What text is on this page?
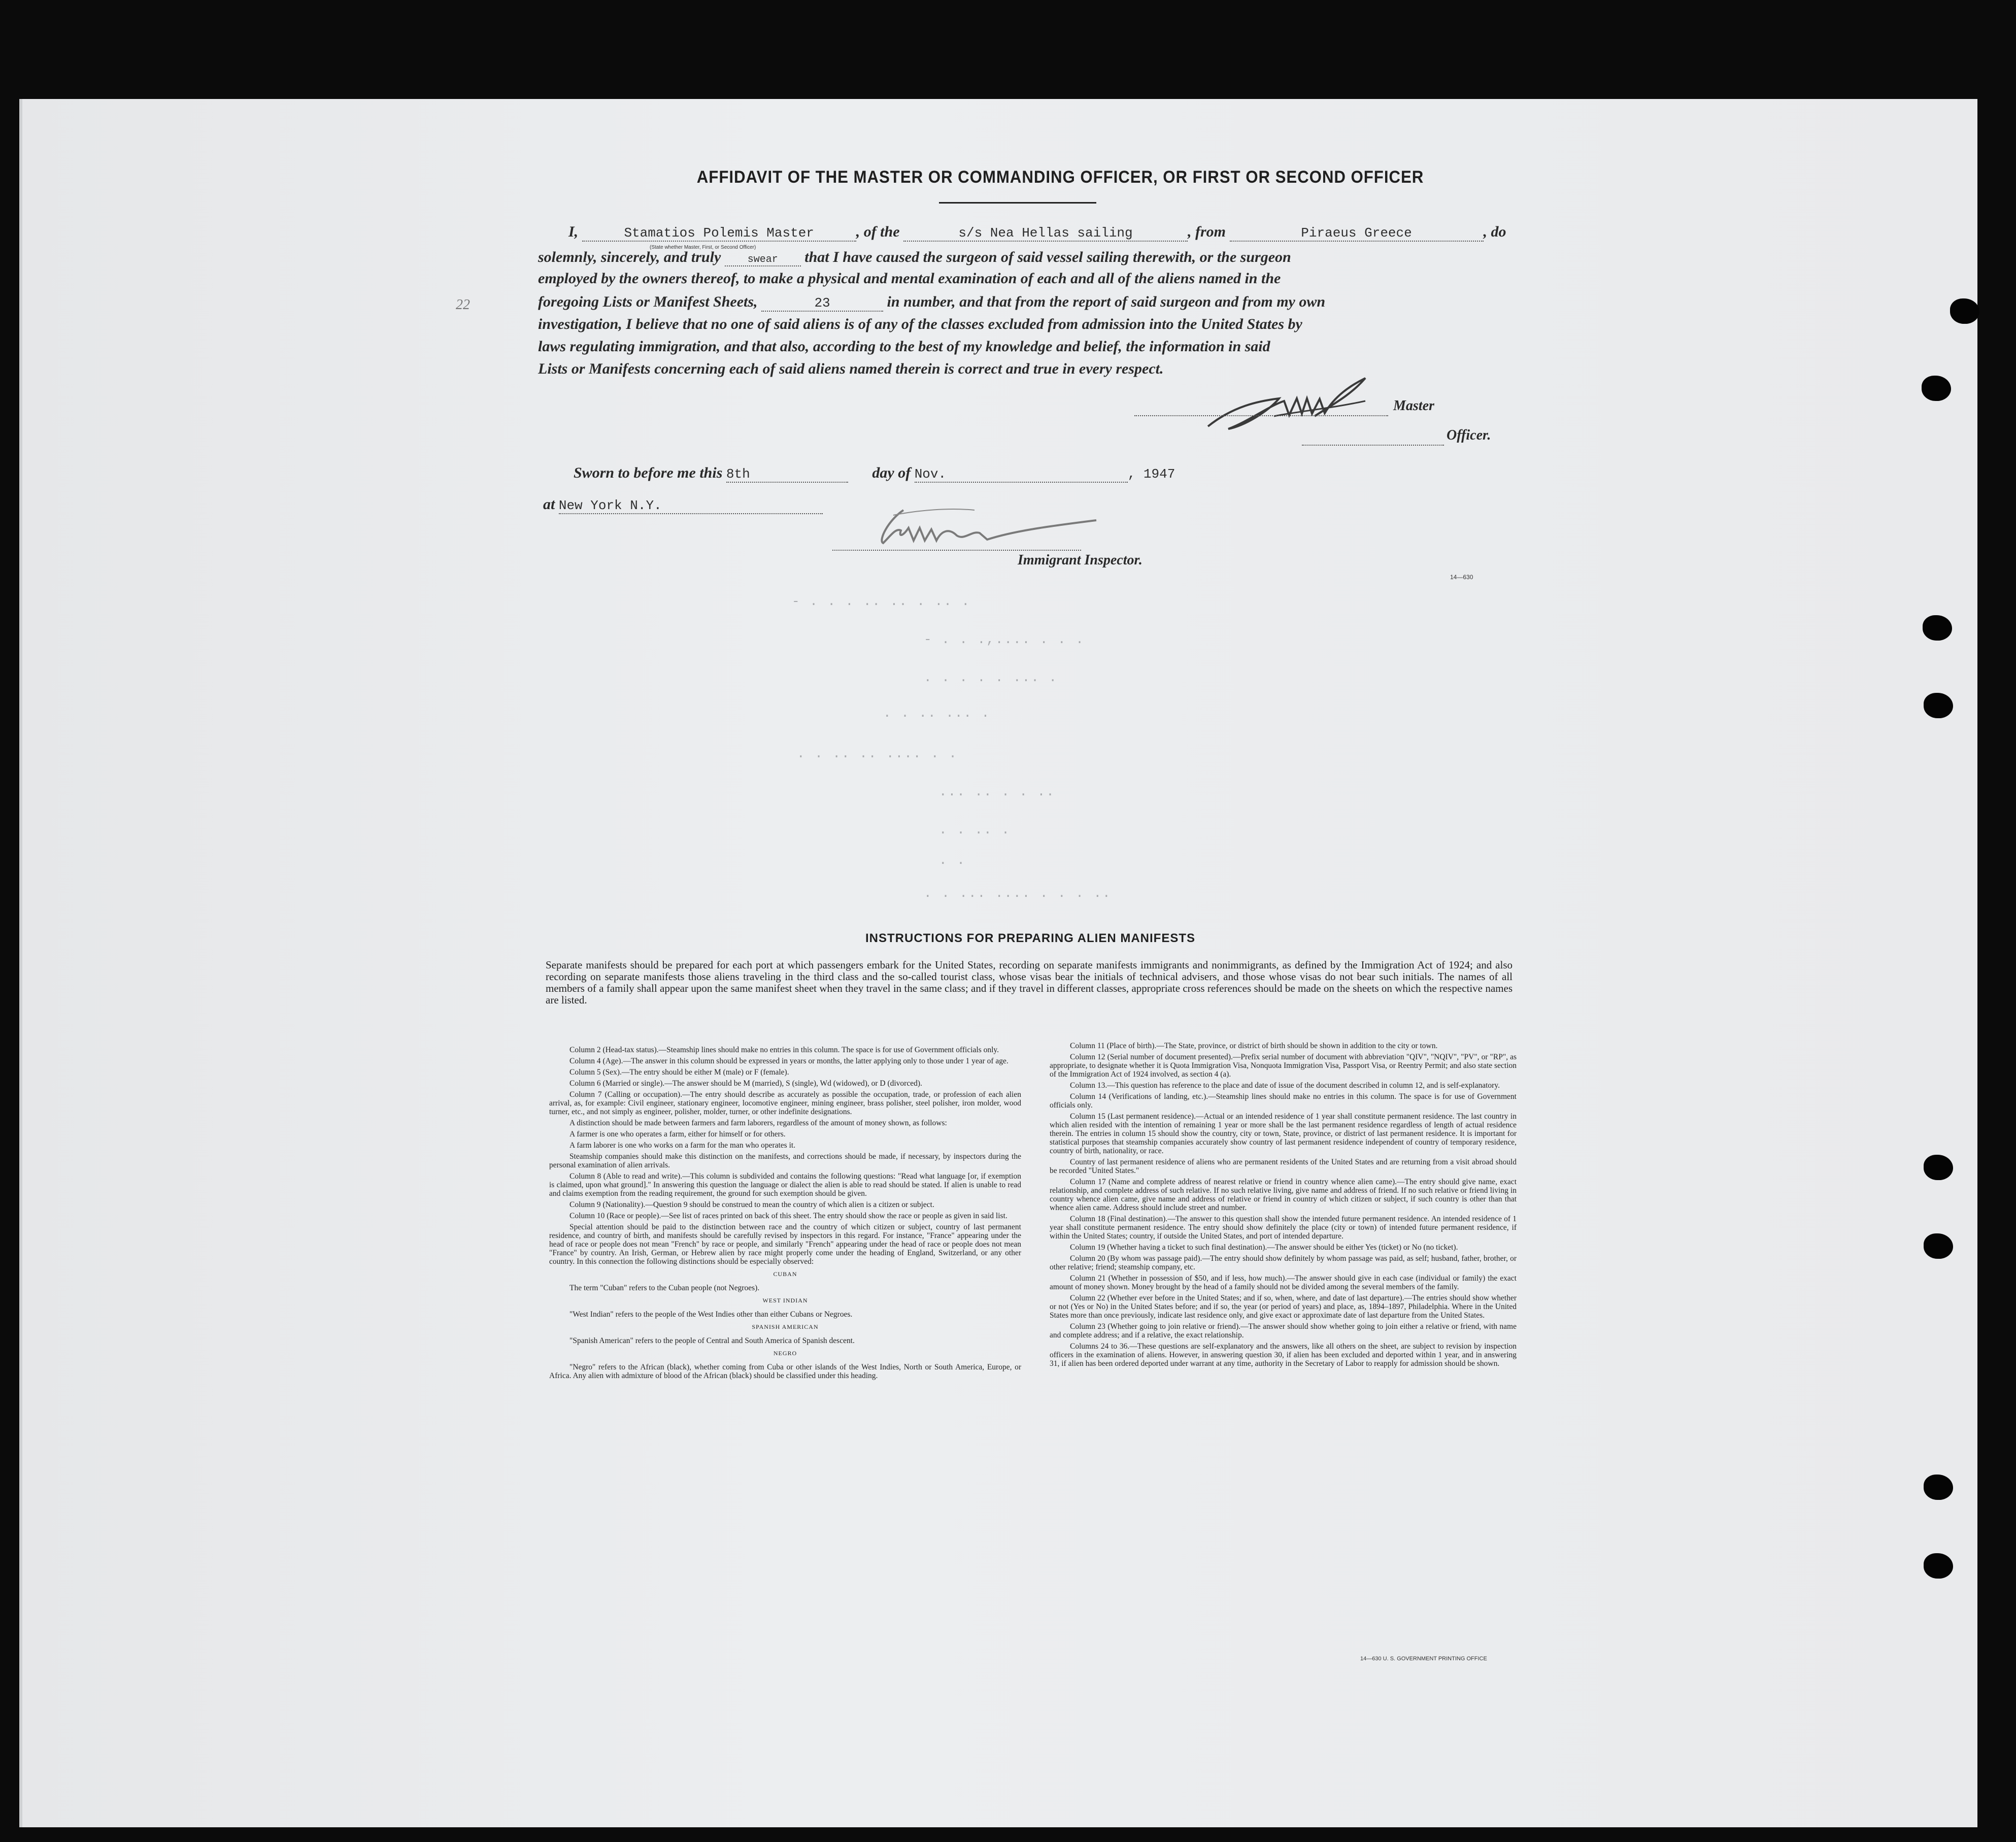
AFFIDAVIT OF THE MASTER OR COMMANDING OFFICER, OR FIRST OR SECOND OFFICER
22
I,	Stamatios Polemis Master	, of the	s/s Nea Hellas sailing	, from	Piraeus Greece	, do
(State whether Master, First, or Second Officer)
solemnly, sincerely, and truly	swear that I have caused the surgeon of said vessel sailing therewith, or the surgeon
employed by the owners thereof, to make a physical and mental examination of each and all of the aliens named in the
foregoing Lists or Manifest Sheets,	23	in number, and that from the report of said surgeon and from my own
investigation, I believe that no one of said aliens is of any of the classes excluded from admission into the United States by
laws regulating immigration, and that also, according to the best of my knowledge and belief, the information in said
Lists or Manifests concerning each of said aliens named therein is correct and true in every respect.
Master
Officer.
Sworn to before me this 8th	day of Nov.	, 1947
at New York N.Y.
Immigrant Inspector.
14—630
- . . . .. .. . .. .
- . . .,.... . . .
. . . . . ... .
. . .. ... .
. . .. .. .... . .
... .. . . ..
. . .. .
. .
. . ... .... . . . ..
INSTRUCTIONS FOR PREPARING ALIEN MANIFESTS
Separate manifests should be prepared for each port at which passengers embark for the United States, recording on separate manifests immigrants and nonimmigrants, as defined by the Immigration Act of 1924; and also recording on separate manifests those aliens traveling in the third class and the so-called tourist class, whose visas bear the initials of technical advisers, and those whose visas do not bear such initials. The names of all members of a family shall appear upon the same manifest sheet when they travel in the same class; and if they travel in different classes, appropriate cross references should be made on the sheets on which the respective names are listed.

Column 2 (Head-tax status).—Steamship lines should make no entries in this column. The space is for use of Government officials only.

Column 4 (Age).—The answer in this column should be expressed in years or months, the latter applying only to those under 1 year of age.

Column 5 (Sex).—The entry should be either M (male) or F (female).

Column 6 (Married or single).—The answer should be M (married), S (single), Wd (widowed), or D (divorced).

Column 7 (Calling or occupation).—The entry should describe as accurately as possible the occupation, trade, or profession of each alien arrival, as, for example: Civil engineer, stationary engineer, locomotive engineer, mining engineer, brass polisher, steel polisher, iron molder, wood turner, etc., and not simply as engineer, polisher, molder, turner, or other indefinite designations.

A distinction should be made between farmers and farm laborers, regardless of the amount of money shown, as follows:

A farmer is one who operates a farm, either for himself or for others.

A farm laborer is one who works on a farm for the man who operates it.

Steamship companies should make this distinction on the manifests, and corrections should be made, if necessary, by inspectors during the personal examination of alien arrivals.

Column 8 (Able to read and write).—This column is subdivided and contains the following questions: "Read what language [or, if exemption is claimed, upon what ground]." In answering this question the language or dialect the alien is able to read should be stated. If alien is unable to read and claims exemption from the reading requirement, the ground for such exemption should be given.

Column 9 (Nationality).—Question 9 should be construed to mean the country of which alien is a citizen or subject.

Column 10 (Race or people).—See list of races printed on back of this sheet. The entry should show the race or people as given in said list.

Special attention should be paid to the distinction between race and the country of which citizen or subject, country of last permanent residence, and country of birth, and manifests should be carefully revised by inspectors in this regard. For instance, "France" appearing under the head of race or people does not mean "French" by race or people, and similarly "French" appearing under the head of race or people does not mean "France" by country. An Irish, German, or Hebrew alien by race might properly come under the heading of England, Switzerland, or any other country. In this connection the following distinctions should be especially observed:

CUBAN

The term "Cuban" refers to the Cuban people (not Negroes).

WEST INDIAN

"West Indian" refers to the people of the West Indies other than either Cubans or Negroes.

SPANISH AMERICAN

"Spanish American" refers to the people of Central and South America of Spanish descent.

NEGRO

"Negro" refers to the African (black), whether coming from Cuba or other islands of the West Indies, North or South America, Europe, or Africa. Any alien with admixture of blood of the African (black) should be classified under this heading.

Column 11 (Place of birth).—The State, province, or district of birth should be shown in addition to the city or town.

Column 12 (Serial number of document presented).—Prefix serial number of document with abbreviation "QIV", "NQIV", "PV", or "RP", as appropriate, to designate whether it is Quota Immigration Visa, Nonquota Immigration Visa, Passport Visa, or Reentry Permit; and also state section of the Immigration Act of 1924 involved, as section 4 (a).

Column 13.—This question has reference to the place and date of issue of the document described in column 12, and is self-explanatory.

Column 14 (Verifications of landing, etc.).—Steamship lines should make no entries in this column. The space is for use of Government officials only.

Column 15 (Last permanent residence).—Actual or an intended residence of 1 year shall constitute permanent residence. The last country in which alien resided with the intention of remaining 1 year or more shall be the last permanent residence regardless of length of actual residence therein. The entries in column 15 should show the country, city or town, State, province, or district of last permanent residence. It is important for statistical purposes that steamship companies accurately show country of last permanent residence independent of country of temporary residence, country of birth, nationality, or race.

Country of last permanent residence of aliens who are permanent residents of the United States and are returning from a visit abroad should be recorded "United States."

Column 17 (Name and complete address of nearest relative or friend in country whence alien came).—The entry should give name, exact relationship, and complete address of such relative. If no such relative living, give name and address of friend. If no such relative or friend living in country whence alien came, give name and address of relative or friend in country of which citizen or subject, if such country is other than that whence alien came. Address should include street and number.

Column 18 (Final destination).—The answer to this question shall show the intended future permanent residence. An intended residence of 1 year shall constitute permanent residence. The entry should show definitely the place (city or town) of intended future permanent residence, if within the United States; country, if outside the United States, and port of intended departure.

Column 19 (Whether having a ticket to such final destination).—The answer should be either Yes (ticket) or No (no ticket).

Column 20 (By whom was passage paid).—The entry should show definitely by whom passage was paid, as self; husband, father, brother, or other relative; friend; steamship company, etc.

Column 21 (Whether in possession of $50, and if less, how much).—The answer should give in each case (individual or family) the exact amount of money shown. Money brought by the head of a family should not be divided among the several members of the family.

Column 22 (Whether ever before in the United States; and if so, when, where, and date of last departure).—The entries should show whether or not (Yes or No) in the United States before; and if so, the year (or period of years) and place, as, 1894–1897, Philadelphia. Where in the United States more than once previously, indicate last residence only, and give exact or approximate date of last departure from the United States.

Column 23 (Whether going to join relative or friend).—The answer should show whether going to join either a relative or friend, with name and complete address; and if a relative, the exact relationship.

Columns 24 to 36.—These questions are self-explanatory and the answers, like all others on the sheet, are subject to revision by inspection officers in the examination of aliens. However, in answering question 30, if alien has been excluded and deported within 1 year, and in answering 31, if alien has been ordered deported under warrant at any time, authority in the Secretary of Labor to reapply for admission should be shown.

14—630 U. S. GOVERNMENT PRINTING OFFICE
